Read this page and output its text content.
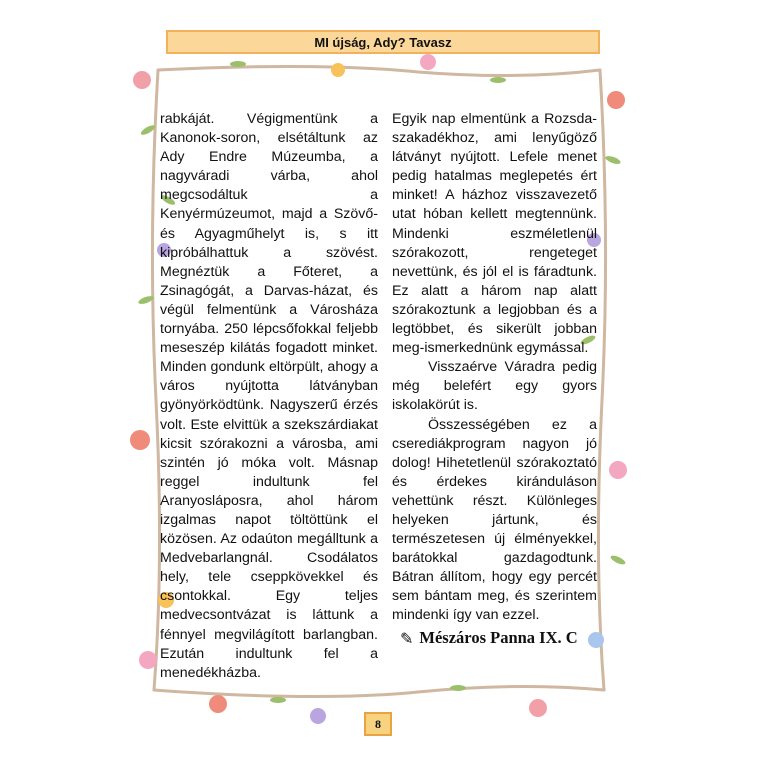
MI újság, Ady? Tavasz

rabkáját. Végigmentünk a Kanonok-soron, elsétáltunk az Ady Endre Múzeumba, a nagyváradi várba, ahol megcsodáltuk a Kenyérmúzeumot, majd a Szövő- és Agyagműhelyt is, s itt kipróbálhattuk a szövést. Megnéztük a Főteret, a Zsinagógát, a Darvas-házat, és végül felmentünk a Városháza tornyába. 250 lépcsőfokkal feljebb meseszép kilátás fogadott minket. Minden gondunk eltörpült, ahogy a város nyújtotta látványban gyönyörködtünk. Nagyszerű érzés volt. Este elvittük a szekszárdiakat kicsit szórakozni a városba, ami szintén jó móka volt. Másnap reggel indultunk fel Aranyosláposra, ahol három izgalmas napot töltöttünk el közösen. Az odaúton megálltunk a Medvebarlangnál. Csodálatos hely, tele cseppkövekkel és csontokkal. Egy teljes medvecsontvázat is láttunk a fénnyel megvilágított barlangban. Ezután indultunk fel a menedékházba.

Egyik nap elmentünk a Rozsda- szakadékhoz, ami lenyűgöző látványt nyújtott. Lefele menet pedig hatalmas meglepetés ért minket! A házhoz visszavezető utat hóban kellett megtennünk. Mindenki eszméletlenül szórakozott, rengeteget nevettünk, és jól el is fáradtunk. Ez alatt a három nap alatt szórakoztunk a legjobban és a legtöbbet, és sikerült jobban meg-ismerkednünk egymással.

Visszaérve Váradra pedig még belefért egy gyors iskolakörút is.

Összességében ez a cserediákprogram nagyon jó dolog! Hihetetlenül szórakoztató és érdekes kiránduláson vehettünk részt. Különleges helyeken jártunk, és természetesen új élményekkel, barátokkal gazdagodtunk. Bátran állítom, hogy egy percét sem bántam meg, és szerintem mindenki így van ezzel.

✎ Mészáros Panna IX. C
8
